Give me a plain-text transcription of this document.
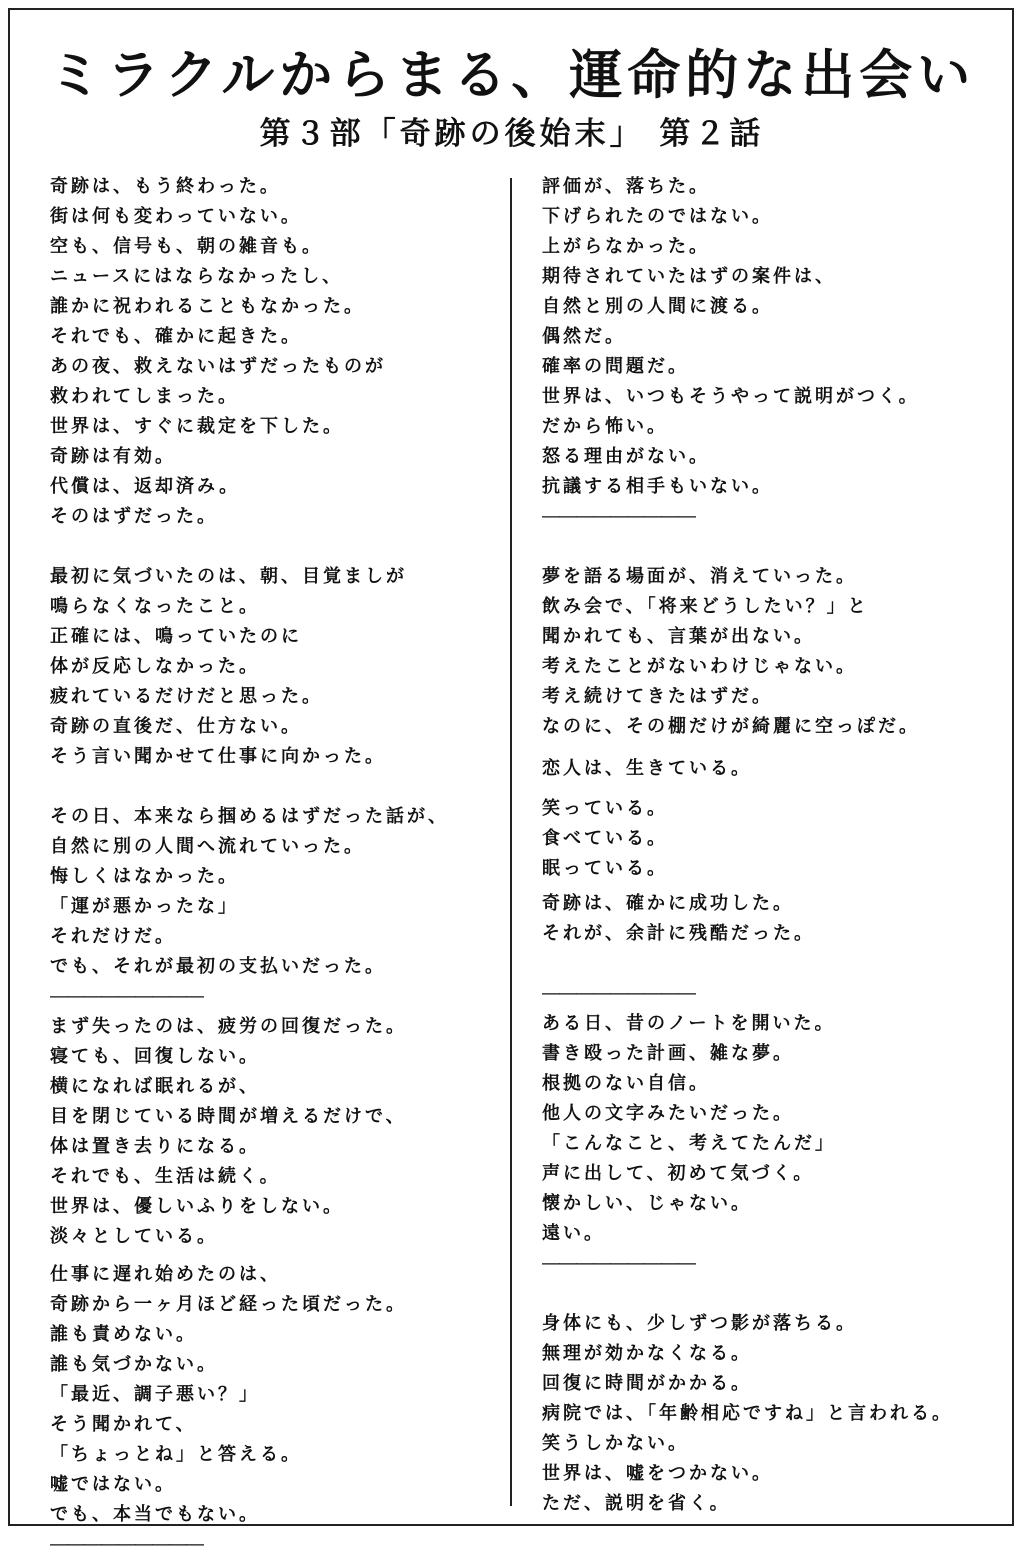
ミラクルからまる、運命的な出会い
第３部「奇跡の後始末」 第２話
奇跡は、もう終わった。
街は何も変わっていない。
空も、信号も、朝の雑音も。
ニュースにはならなかったし、
誰かに祝われることもなかった。
それでも、確かに起きた。
あの夜、救えないはずだったものが
救われてしまった。
世界は、すぐに裁定を下した。
奇跡は有効。
代償は、返却済み。
そのはずだった。
最初に気づいたのは、朝、目覚ましが
鳴らなくなったこと。
正確には、鳴っていたのに
体が反応しなかった。
疲れているだけだと思った。
奇跡の直後だ、仕方ない。
そう言い聞かせて仕事に向かった。
その日、本来なら掴めるはずだった話が、
自然に別の人間へ流れていった。
悔しくはなかった。
「運が悪かったな」
それだけだ。
でも、それが最初の支払いだった。
―――――――――
まず失ったのは、疲労の回復だった。
寝ても、回復しない。
横になれば眠れるが、
目を閉じている時間が増えるだけで、
体は置き去りになる。
それでも、生活は続く。
世界は、優しいふりをしない。
淡々としている。
仕事に遅れ始めたのは、
奇跡から一ヶ月ほど経った頃だった。
誰も責めない。
誰も気づかない。
「最近、調子悪い？」
そう聞かれて、
「ちょっとね」と答える。
嘘ではない。
でも、本当でもない。
―――――――――
評価が、落ちた。
下げられたのではない。
上がらなかった。
期待されていたはずの案件は、
自然と別の人間に渡る。
偶然だ。
確率の問題だ。
世界は、いつもそうやって説明がつく。
だから怖い。
怒る理由がない。
抗議する相手もいない。
―――――――――
夢を語る場面が、消えていった。
飲み会で、「将来どうしたい？」と
聞かれても、言葉が出ない。
考えたことがないわけじゃない。
考え続けてきたはずだ。
なのに、その棚だけが綺麗に空っぽだ。
恋人は、生きている。
笑っている。
食べている。
眠っている。
奇跡は、確かに成功した。
それが、余計に残酷だった。
―――――――――
ある日、昔のノートを開いた。
書き殴った計画、雑な夢。
根拠のない自信。
他人の文字みたいだった。
「こんなこと、考えてたんだ」
声に出して、初めて気づく。
懐かしい、じゃない。
遠い。
―――――――――
身体にも、少しずつ影が落ちる。
無理が効かなくなる。
回復に時間がかかる。
病院では、「年齢相応ですね」と言われる。
笑うしかない。
世界は、嘘をつかない。
ただ、説明を省く。
